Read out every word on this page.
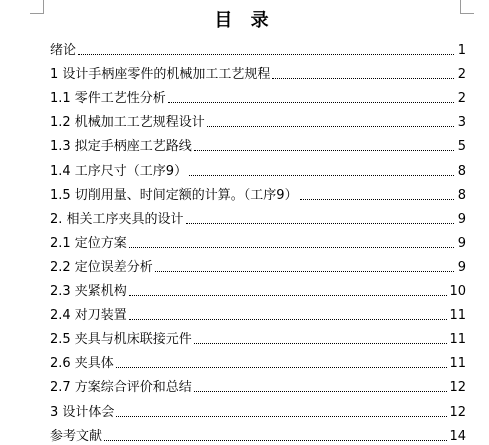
目 录
绪论	1
1 设计手柄座零件的机械加工工艺规程	2
1.1 零件工艺性分析	2
1.2 机械加工工艺规程设计	3
1.3 拟定手柄座工艺路线	5
1.4 工序尺寸（工序9）	8
1.5 切削用量、时间定额的计算。（工序9）	8
2. 相关工序夹具的设计	9
2.1 定位方案	9
2.2 定位误差分析	9
2.3 夹紧机构	10
2.4 对刀装置	11
2.5 夹具与机床联接元件	11
2.6 夹具体	11
2.7 方案综合评价和总结	12
3 设计体会	12
参考文献	14
